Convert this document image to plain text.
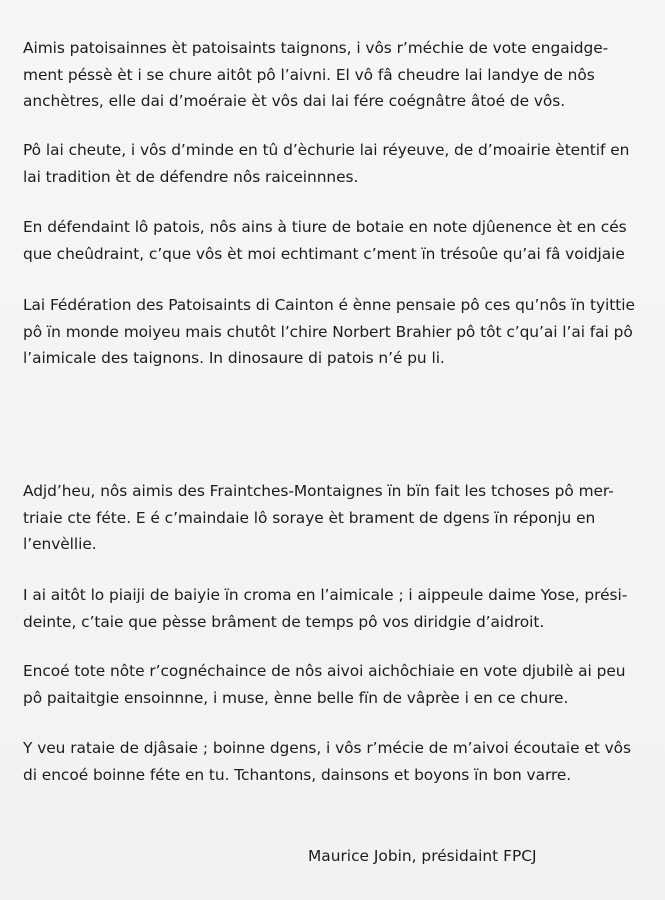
Aimis patoisainnes èt patoisaints taignons, i vôs r’méchie de vote engaidge-
ment péssè èt i se chure aitôt pô l’aivni. El vô fâ cheudre lai landye de nôs
anchètres, elle dai d’moéraie èt vôs dai lai fére coégnâtre âtoé de vôs.

Pô lai cheute, i vôs d’minde en tû d’èchurie lai réyeuve, de d’moairie ètentif en
lai tradition èt de défendre nôs raiceinnnes.

En défendaint lô patois, nôs ains à tiure de botaie en note djûenence èt en cés
que cheûdraint, c’que vôs èt moi echtimant c’ment ïn trésoûe qu’ai fâ voidjaie

Lai Fédération des Patoisaints di Cainton é ènne pensaie pô ces qu’nôs ïn tyittie
pô ïn monde moiyeu mais chutôt l’chire Norbert Brahier pô tôt c’qu’ai l’ai fai pô
l’aimicale des taignons. In dinosaure di patois n’é pu li.

Adjd’heu, nôs aimis des Fraintches-Montaignes ïn bïn fait les tchoses pô mer-
triaie cte féte. E é c’maindaie lô soraye èt brament de dgens ïn réponju en
l’envèllie.

I ai aitôt lo piaiji de baiyie ïn croma en l’aimicale ; i aippeule daime Yose, prési-
deinte, c’taie que pèsse brâment de temps pô vos diridgie d’aidroit.

Encoé tote nôte r’cognéchaince de nôs aivoi aichôchiaie en vote djubilè ai peu
pô paitaitgie ensoinnne, i muse, ènne belle fïn de vâprèe i en ce chure.

Y veu rataie de djâsaie ; boinne dgens, i vôs r’mécie de m’aivoi écoutaie et vôs
di encoé boinne féte en tu. Tchantons, dainsons et boyons ïn bon varre.

Maurice Jobin, présidaint FPCJ
